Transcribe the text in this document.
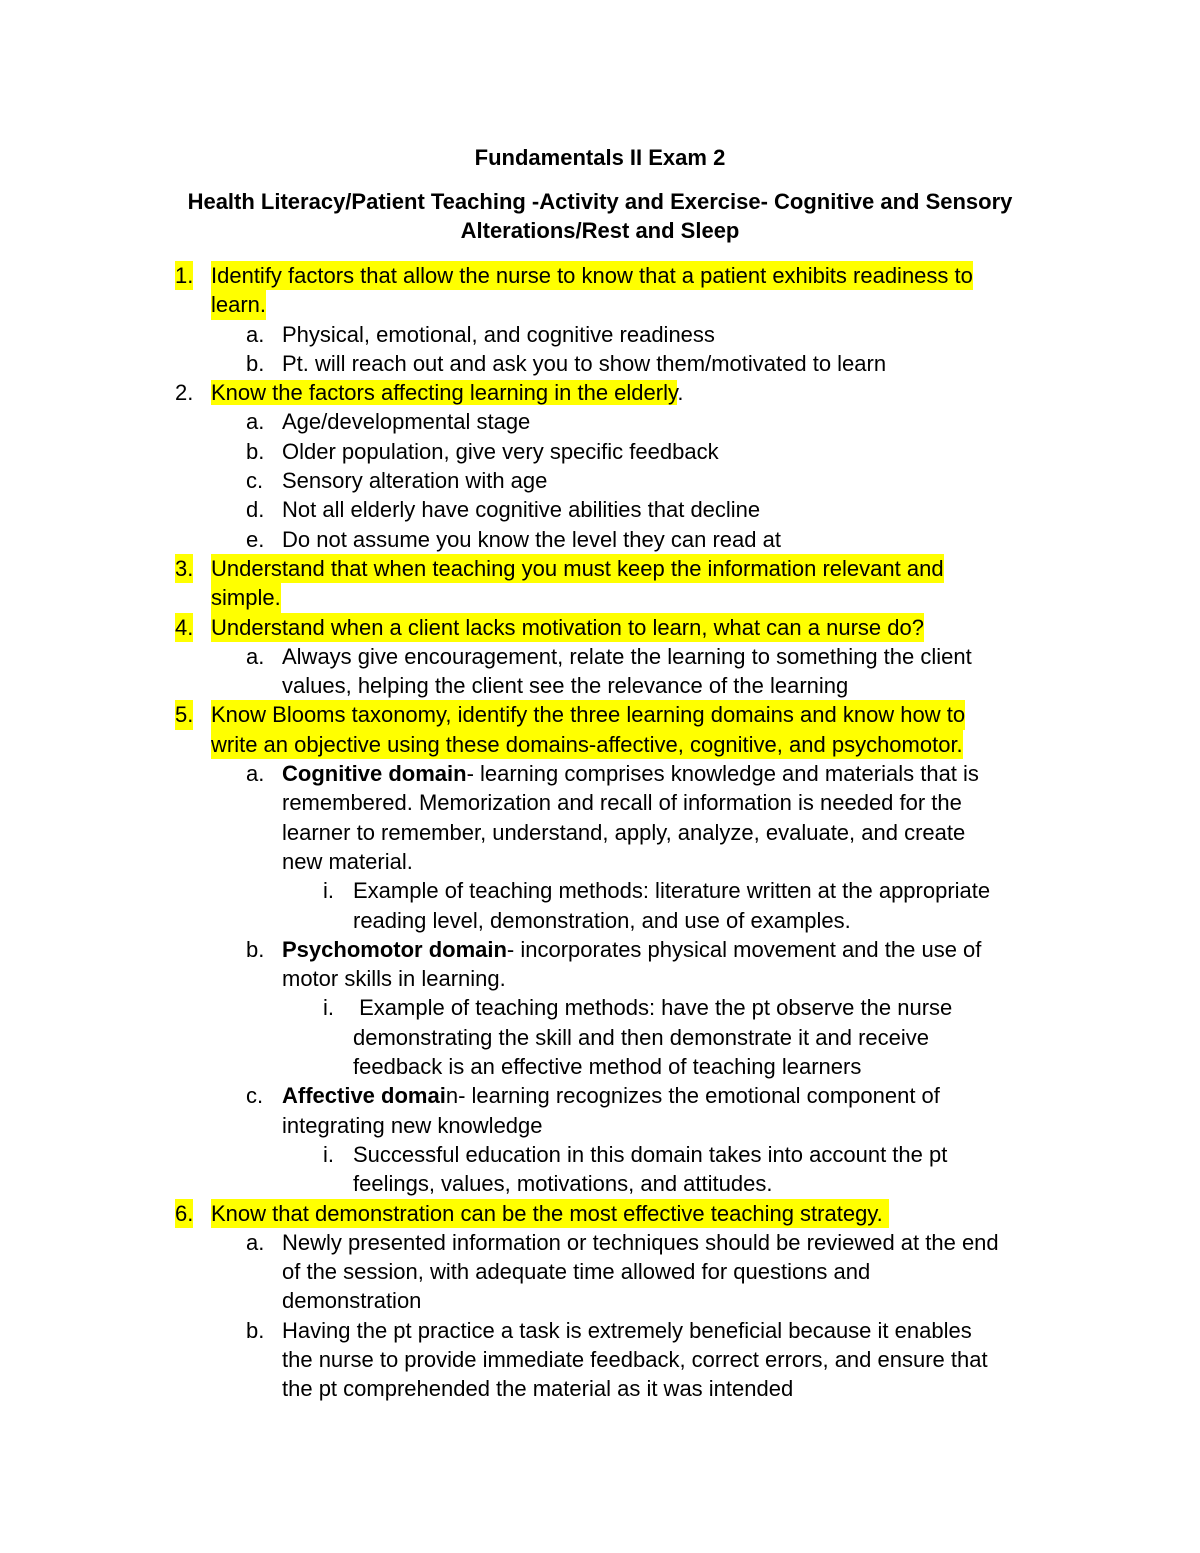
Fundamentals II Exam 2
Health Literacy/Patient Teaching -Activity and Exercise- Cognitive and Sensory
Alterations/Rest and Sleep
1. Identify factors that allow the nurse to know that a patient exhibits readiness to
learn.
a. Physical, emotional, and cognitive readiness
b. Pt. will reach out and ask you to show them/motivated to learn
2. Know the factors affecting learning in the elderly.
a. Age/developmental stage
b. Older population, give very specific feedback
c. Sensory alteration with age
d. Not all elderly have cognitive abilities that decline
e. Do not assume you know the level they can read at
3. Understand that when teaching you must keep the information relevant and
simple.
4. Understand when a client lacks motivation to learn, what can a nurse do?
a. Always give encouragement, relate the learning to something the client
values, helping the client see the relevance of the learning
5. Know Blooms taxonomy, identify the three learning domains and know how to
write an objective using these domains-affective, cognitive, and psychomotor.
a. Cognitive domain- learning comprises knowledge and materials that is
remembered. Memorization and recall of information is needed for the
learner to remember, understand, apply, analyze, evaluate, and create
new material.
i. Example of teaching methods: literature written at the appropriate
reading level, demonstration, and use of examples.
b. Psychomotor domain- incorporates physical movement and the use of
motor skills in learning.
i. Example of teaching methods: have the pt observe the nurse
demonstrating the skill and then demonstrate it and receive
feedback is an effective method of teaching learners
c. Affective domain- learning recognizes the emotional component of
integrating new knowledge
i. Successful education in this domain takes into account the pt
feelings, values, motivations, and attitudes.
6. Know that demonstration can be the most effective teaching strategy.
a. Newly presented information or techniques should be reviewed at the end
of the session, with adequate time allowed for questions and
demonstration
b. Having the pt practice a task is extremely beneficial because it enables
the nurse to provide immediate feedback, correct errors, and ensure that
the pt comprehended the material as it was intended
